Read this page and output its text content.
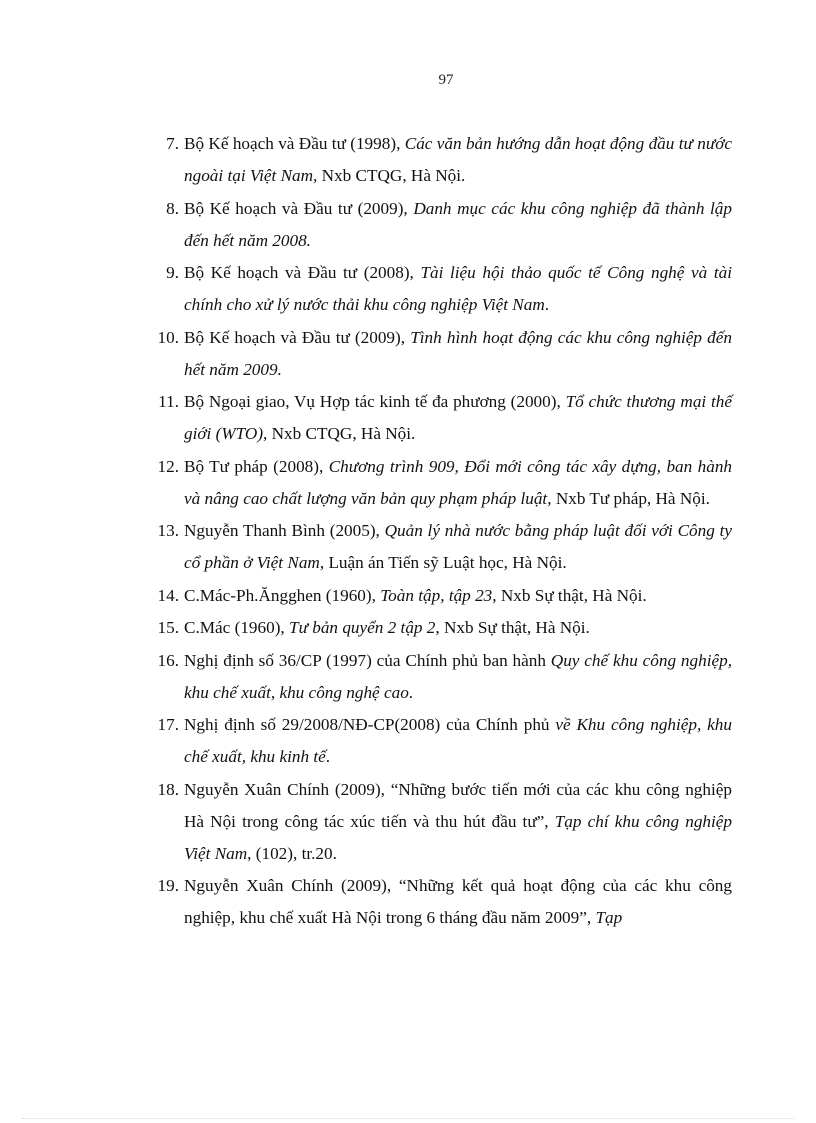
97
7. Bộ Kế hoạch và Đầu tư (1998), Các văn bản hướng dẫn hoạt động đầu tư nước ngoài tại Việt Nam, Nxb CTQG, Hà Nội.
8. Bộ Kế hoạch và Đầu tư (2009), Danh mục các khu công nghiệp đã thành lập đến hết năm 2008.
9. Bộ Kế hoạch và Đầu tư (2008), Tài liệu hội thảo quốc tế Công nghệ và tài chính cho xử lý nước thải khu công nghiệp Việt Nam.
10. Bộ Kế hoạch và Đầu tư (2009), Tình hình hoạt động các khu công nghiệp đến hết năm 2009.
11. Bộ Ngoại giao, Vụ Hợp tác kinh tế đa phương (2000), Tổ chức thương mại thế giới (WTO), Nxb CTQG, Hà Nội.
12. Bộ Tư pháp (2008), Chương trình 909, Đổi mới công tác xây dựng, ban hành và nâng cao chất lượng văn bản quy phạm pháp luật, Nxb Tư pháp, Hà Nội.
13. Nguyễn Thanh Bình (2005), Quản lý nhà nước bằng pháp luật đối với Công ty cổ phần ở Việt Nam, Luận án Tiến sỹ Luật học, Hà Nội.
14. C.Mác-Ph.Ăngghen (1960), Toàn tập, tập 23, Nxb Sự thật, Hà Nội.
15. C.Mác (1960), Tư bản quyển 2 tập 2, Nxb Sự thật, Hà Nội.
16. Nghị định số 36/CP (1997) của Chính phủ ban hành Quy chế khu công nghiệp, khu chế xuất, khu công nghệ cao.
17. Nghị định số 29/2008/NĐ-CP(2008) của Chính phủ về Khu công nghiệp, khu chế xuất, khu kinh tế.
18. Nguyễn Xuân Chính (2009), “Những bước tiến mới của các khu công nghiệp Hà Nội trong công tác xúc tiến và thu hút đầu tư”, Tạp chí khu công nghiệp Việt Nam, (102), tr.20.
19. Nguyễn Xuân Chính (2009), “Những kết quả hoạt động của các khu công nghiệp, khu chế xuất Hà Nội trong 6 tháng đầu năm 2009”, Tạp
